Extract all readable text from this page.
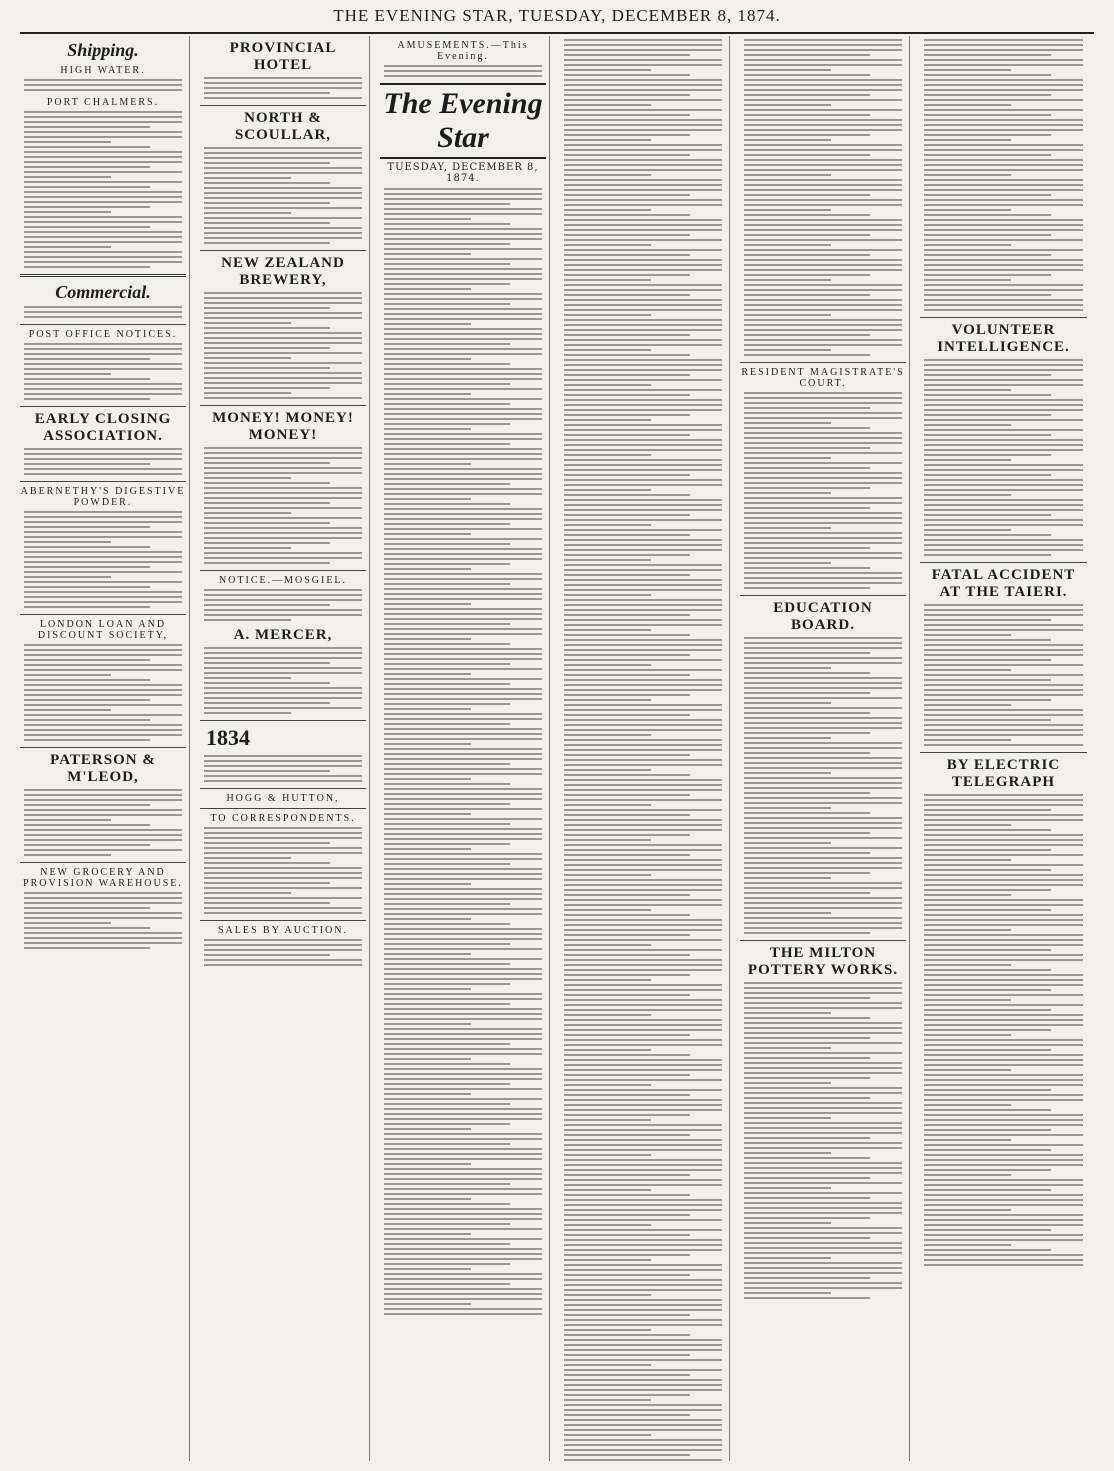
THE EVENING STAR, TUESDAY, DECEMBER 8, 1874.
Shipping.
HIGH WATER.
PORT CHALMERS.
Commercial.
POST OFFICE NOTICES.
EARLY CLOSING ASSOCIATION.
ABERNETHY'S DIGESTIVE POWDER.
LONDON LOAN AND DISCOUNT SOCIETY,
PATERSON & M'LEOD,
NEW GROCERY AND PROVISION WAREHOUSE.
PROVINCIAL HOTEL
NORTH & SCOULLAR,
NEW ZEALAND BREWERY,
MONEY! MONEY! MONEY!
NOTICE.—MOSGIEL.
A. MERCER,
1834
HOGG & HUTTON,
TO CORRESPONDENTS.
SALES BY AUCTION.
AMUSEMENTS.—This Evening.
The Evening Star
TUESDAY, DECEMBER 8, 1874.
RESIDENT MAGISTRATE'S COURT.
EDUCATION BOARD.
THE MILTON POTTERY WORKS.
VOLUNTEER INTELLIGENCE.
FATAL ACCIDENT AT THE TAIERI.
BY ELECTRIC TELEGRAPH
